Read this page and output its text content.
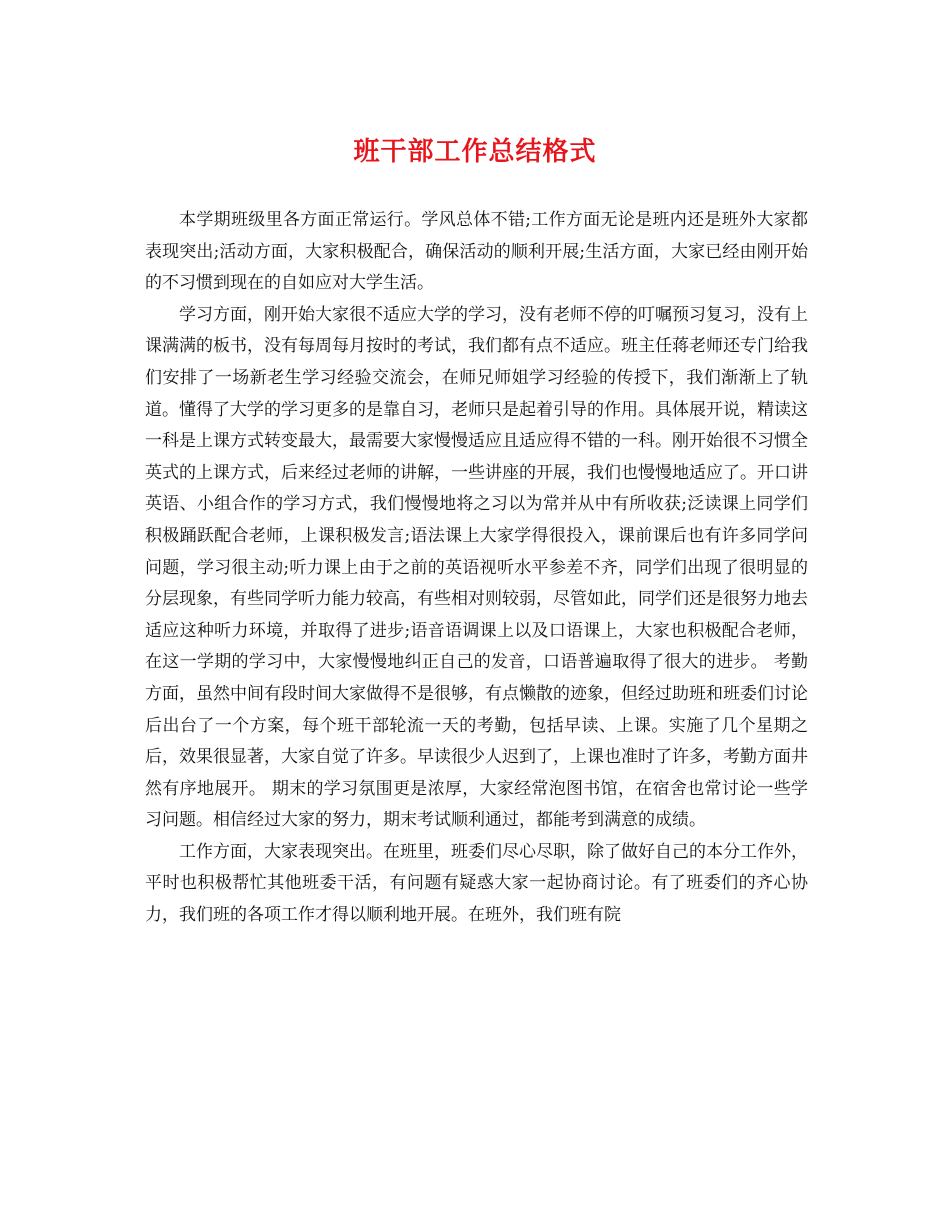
班干部工作总结格式

本学期班级里各方面正常运行。学风总体不错;工作方面无论是班内还是班外大家都表现突出;活动方面，大家积极配合，确保活动的顺利开展;生活方面，大家已经由刚开始的不习惯到现在的自如应对大学生活。

学习方面，刚开始大家很不适应大学的学习，没有老师不停的叮嘱预习复习，没有上课满满的板书，没有每周每月按时的考试，我们都有点不适应。班主任蒋老师还专门给我们安排了一场新老生学习经验交流会，在师兄师姐学习经验的传授下，我们渐渐上了轨道。懂得了大学的学习更多的是靠自习，老师只是起着引导的作用。具体展开说，精读这一科是上课方式转变最大，最需要大家慢慢适应且适应得不错的一科。刚开始很不习惯全英式的上课方式，后来经过老师的讲解，一些讲座的开展，我们也慢慢地适应了。开口讲英语、小组合作的学习方式，我们慢慢地将之习以为常并从中有所收获;泛读课上同学们积极踊跃配合老师，上课积极发言;语法课上大家学得很投入，课前课后也有许多同学问问题，学习很主动;听力课上由于之前的英语视听水平参差不齐，同学们出现了很明显的分层现象，有些同学听力能力较高，有些相对则较弱，尽管如此，同学们还是很努力地去适应这种听力环境，并取得了进步;语音语调课上以及口语课上，大家也积极配合老师，在这一学期的学习中，大家慢慢地纠正自己的发音，口语普遍取得了很大的进步。 考勤方面，虽然中间有段时间大家做得不是很够，有点懒散的迹象，但经过助班和班委们讨论后出台了一个方案，每个班干部轮流一天的考勤，包括早读、上课。实施了几个星期之后，效果很显著，大家自觉了许多。早读很少人迟到了，上课也准时了许多，考勤方面井然有序地展开。 期末的学习氛围更是浓厚，大家经常泡图书馆，在宿舍也常讨论一些学习问题。相信经过大家的努力，期末考试顺利通过，都能考到满意的成绩。

工作方面，大家表现突出。在班里，班委们尽心尽职，除了做好自己的本分工作外，平时也积极帮忙其他班委干活，有问题有疑惑大家一起协商讨论。有了班委们的齐心协力，我们班的各项工作才得以顺利地开展。在班外，我们班有院
